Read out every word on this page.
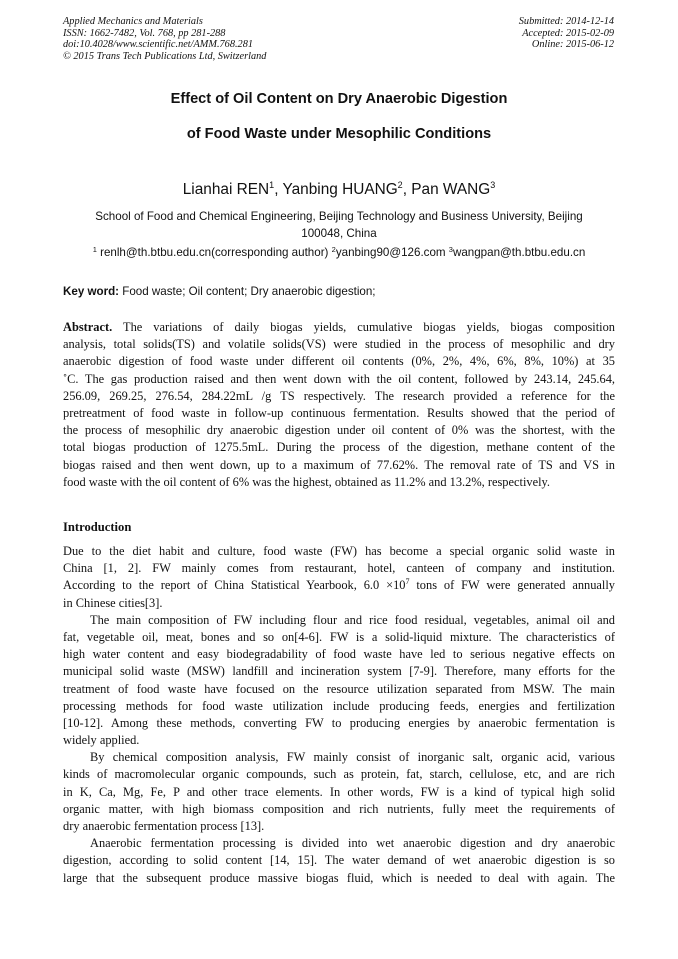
Applied Mechanics and Materials
ISSN: 1662-7482, Vol. 768, pp 281-288
doi:10.4028/www.scientific.net/AMM.768.281
© 2015 Trans Tech Publications Ltd, Switzerland
Submitted: 2014-12-14
Accepted: 2015-02-09
Online: 2015-06-12
Effect of Oil Content on Dry Anaerobic Digestion
of Food Waste under Mesophilic Conditions
Lianhai REN$^1$, Yanbing HUANG$^2$, Pan WANG$^3$
School of Food and Chemical Engineering, Beijing Technology and Business University, Beijing
100048, China
$^1$ renlh@th.btbu.edu.cn(corresponding author) $^2$yanbing90@126.com $^3$wangpan@th.btbu.edu.cn
Key word: Food waste; Oil content; Dry anaerobic digestion;
Abstract. The variations of daily biogas yields, cumulative biogas yields, biogas composition
analysis, total solids(TS) and volatile solids(VS) were studied in the process of mesophilic and dry
anaerobic digestion of food waste under different oil contents (0%, 2%, 4%, 6%, 8%, 10%) at 35
˚C. The gas production raised and then went down with the oil content, followed by 243.14, 245.64,
256.09, 269.25, 276.54, 284.22mL /g TS respectively. The research provided a reference for the
pretreatment of food waste in follow-up continuous fermentation. Results showed that the period of
the process of mesophilic dry anaerobic digestion under oil content of 0% was the shortest, with the
total biogas production of 1275.5mL. During the process of the digestion, methane content of the
biogas raised and then went down, up to a maximum of 77.62%. The removal rate of TS and VS in
food waste with the oil content of 6% was the highest, obtained as 11.2% and 13.2%, respectively.
Introduction
Due to the diet habit and culture, food waste (FW) has become a special organic solid waste in
China [1, 2]. FW mainly comes from restaurant, hotel, canteen of company and institution.
According to the report of China Statistical Yearbook, $6.0 \times 10^7$ tons of FW were generated annually
in Chinese cities[3].
The main composition of FW including flour and rice food residual, vegetables, animal oil and
fat, vegetable oil, meat, bones and so on[4-6]. FW is a solid-liquid mixture. The characteristics of
high water content and easy biodegradability of food waste have led to serious negative effects on
municipal solid waste (MSW) landfill and incineration system [7-9]. Therefore, many efforts for the
treatment of food waste have focused on the resource utilization separated from MSW. The main
processing methods for food waste utilization include producing feeds, energies and fertilization
[10-12]. Among these methods, converting FW to producing energies by anaerobic fermentation is
widely applied.
By chemical composition analysis, FW mainly consist of inorganic salt, organic acid, various
kinds of macromolecular organic compounds, such as protein, fat, starch, cellulose, etc, and are rich
in K, Ca, Mg, Fe, P and other trace elements. In other words, FW is a kind of typical high solid
organic matter, with high biomass composition and rich nutrients, fully meet the requirements of
dry anaerobic fermentation process [13].
Anaerobic fermentation processing is divided into wet anaerobic digestion and dry anaerobic
digestion, according to solid content [14, 15]. The water demand of wet anaerobic digestion is so
large that the subsequent produce massive biogas fluid, which is needed to deal with again. The
